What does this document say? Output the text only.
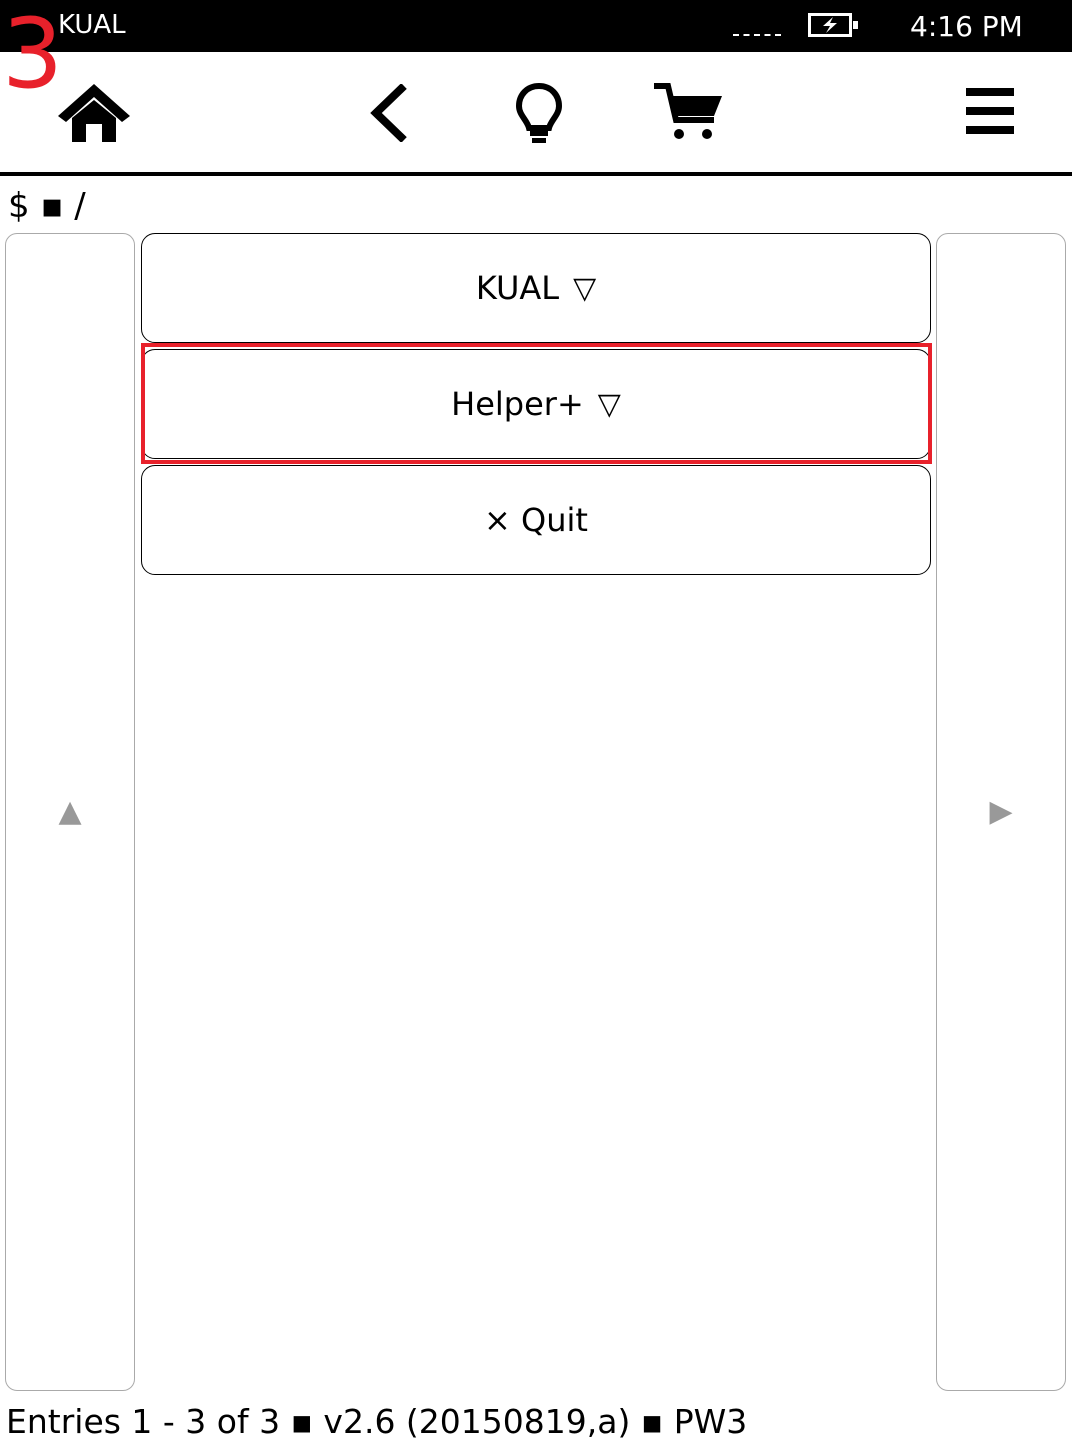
KUAL	4:16 PM
3
$ ▪ /
▲	▶
KUAL ▽
Helper+ ▽
× Quit
Entries 1 - 3 of 3 ▪ v2.6 (20150819,a) ▪ PW3
